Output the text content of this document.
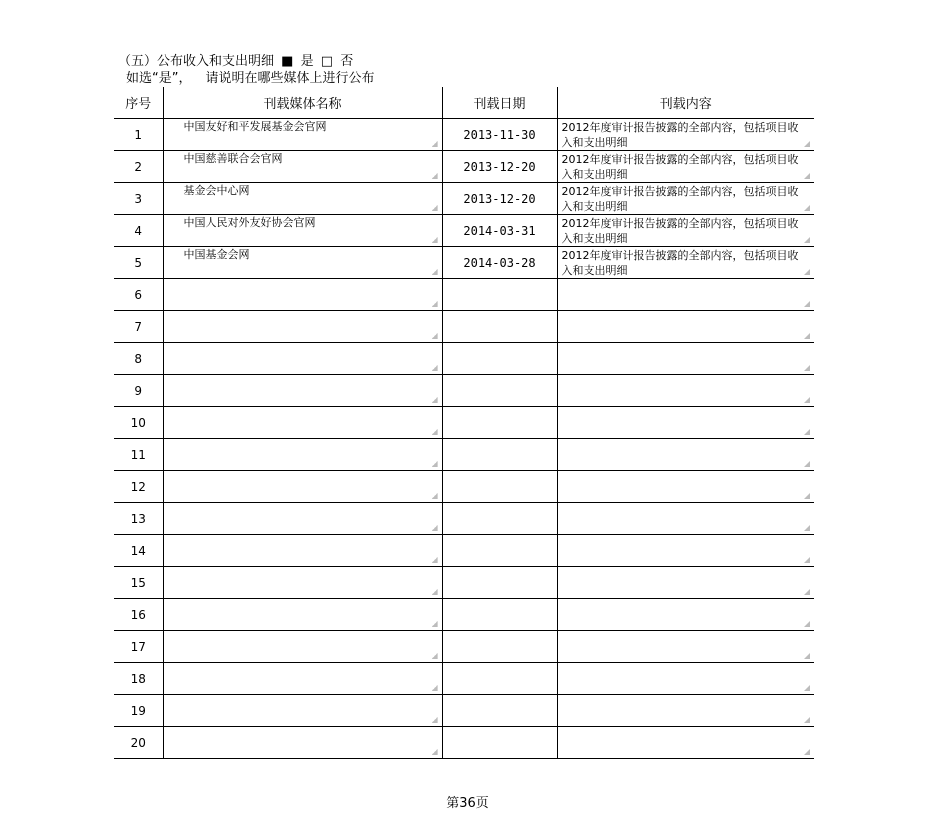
（五）公布收入和支出明细 ■ 是 □ 否
如选“是”， 请说明在哪些媒体上进行公布
序号	刊载媒体名称	刊载日期	刊载内容
1	中国友好和平发展基金会官网	2013-11-30	2012年度审计报告披露的全部内容，包括项目收入和支出明细

2	中国慈善联合会官网	2013-12-20	2012年度审计报告披露的全部内容，包括项目收入和支出明细

3	基金会中心网	2013-12-20	2012年度审计报告披露的全部内容，包括项目收入和支出明细

4	中国人民对外友好协会官网	2014-03-31	2012年度审计报告披露的全部内容，包括项目收入和支出明细

5	中国基金会网	2014-03-28	2012年度审计报告披露的全部内容，包括项目收入和支出明细

6	

7	

8	

9	

10	

11	

12	

13	

14	

15	

16	

17	

18	

19	

20	

第36页
